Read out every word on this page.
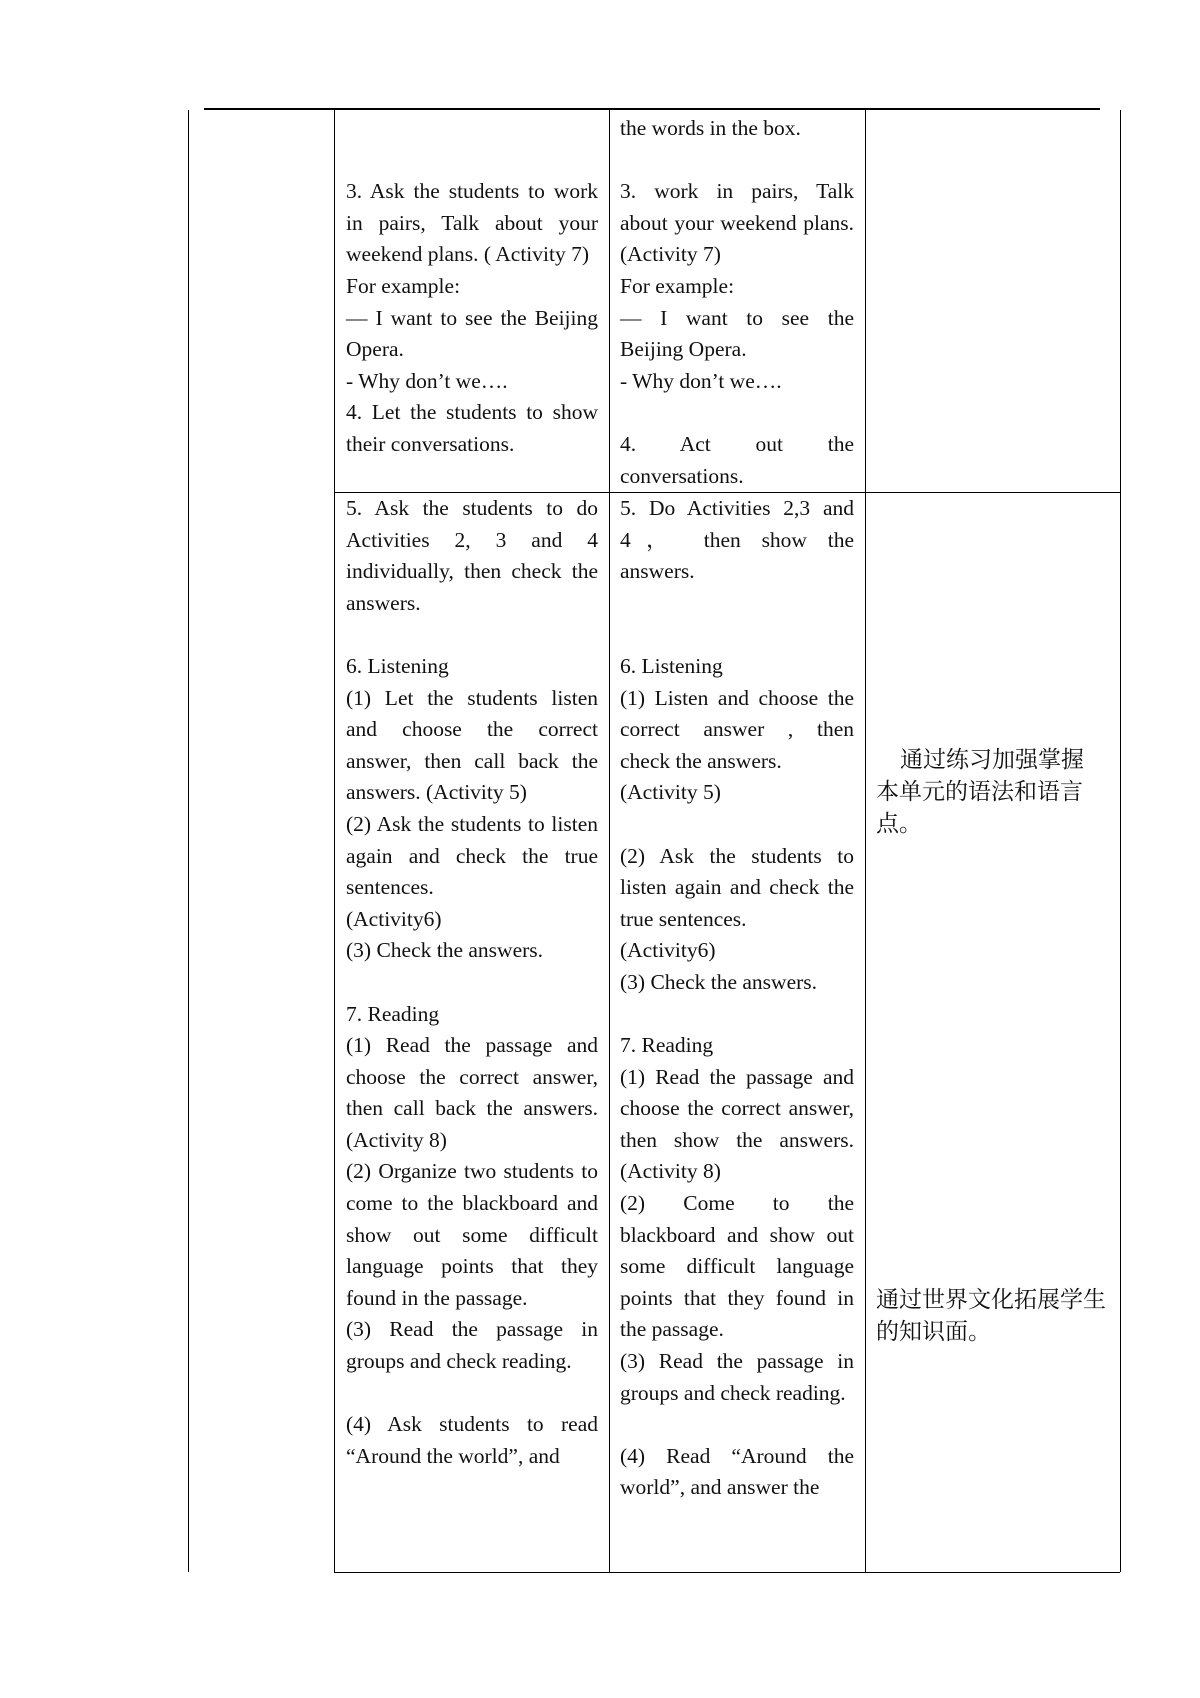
3. Ask the students to work in pairs, Talk about your weekend plans. ( Activity 7)

For example:

— I want to see the Beijing Opera.

- Why don’t we….

4. Let the students to show their conversations.

the words in the box.

3. work in pairs, Talk about your weekend plans. (Activity 7)

For example:

— I want to see the Beijing Opera.

- Why don’t we….

4. Act out the conversations.

5. Ask the students to do Activities 2, 3 and 4 individually, then check the answers.

6. Listening

(1) Let the students listen and choose the correct answer, then call back the answers. (Activity 5)

(2) Ask the students to listen again and check the true sentences.

(Activity6)

(3) Check the answers.

7. Reading

(1) Read the passage and choose the correct answer, then call back the answers. (Activity 8)

(2) Organize two students to come to the blackboard and show out some difficult language points that they found in the passage.

(3) Read the passage in groups and check reading.

(4) Ask students to read “Around the world”, and

5. Do Activities 2,3 and 4， then show the answers.

6. Listening

(1) Listen and choose the correct answer , then check the answers.

(Activity 5)

(2) Ask the students to listen again and check the true sentences.

(Activity6)

(3) Check the answers.

7. Reading

(1) Read the passage and choose the correct answer, then show the answers. (Activity 8)

(2) Come to the blackboard and show out some difficult language points that they found in the passage.

(3) Read the passage in groups and check reading.

(4) Read “Around the world”, and answer the

通过练习加强掌握本单元的语法和语言点。
通过世界文化拓展学生的知识面。
